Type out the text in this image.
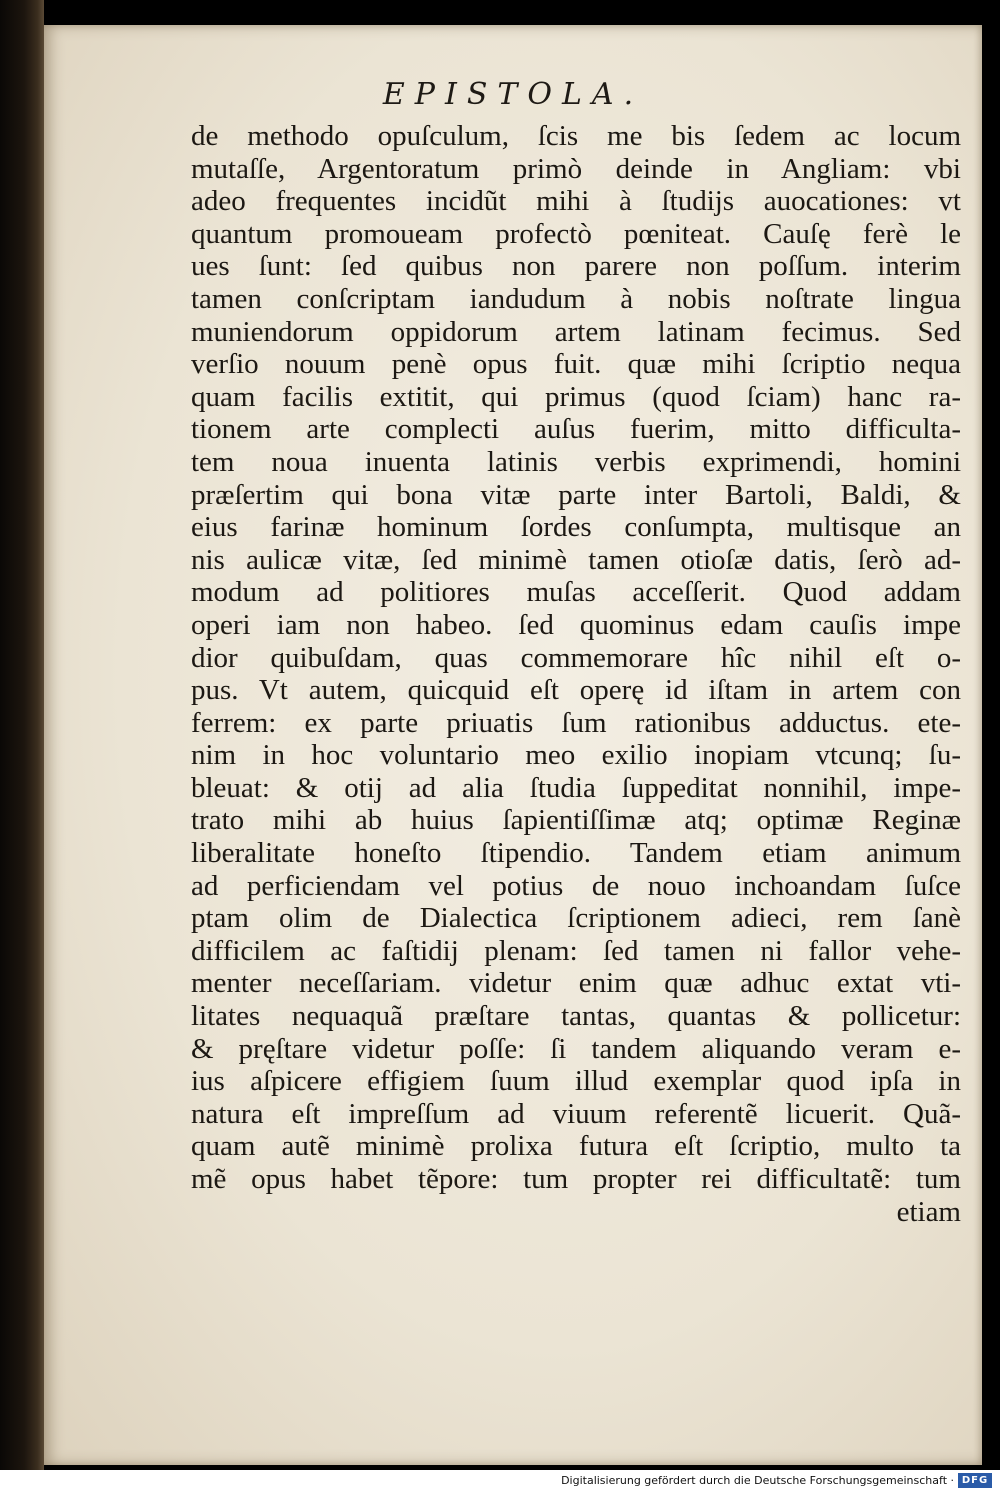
EPISTOLA.
de methodo opuſculum, ſcis me bis ſedem ac locum
mutaſſe, Argentoratum primò deinde in Angliam: vbi
adeo frequentes incidũt mihi à ſtudijs auocationes: vt
quantum promoueam profectò pœniteat. Cauſę ferè le
ues ſunt: ſed quibus non parere non poſſum. interim
tamen conſcriptam iandudum à nobis noſtrate lingua
muniendorum oppidorum artem latinam fecimus. Sed
verſio nouum penè opus fuit. quæ mihi ſcriptio nequa
quam facilis extitit, qui primus (quod ſciam) hanc ra-
tionem arte complecti auſus fuerim, mitto difficulta-
tem noua inuenta latinis verbis exprimendi, homini
præſertim qui bona vitæ parte inter Bartoli, Baldi, &
eius farinæ hominum ſordes conſumpta, multisque an
nis aulicæ vitæ, ſed minimè tamen otioſæ datis, ſerò ad-
modum ad politiores muſas acceſſerit. Quod addam
operi iam non habeo. ſed quominus edam cauſis impe
dior quibuſdam, quas commemorare hîc nihil eſt o-
pus. Vt autem, quicquid eſt operę id iſtam in artem con
ferrem: ex parte priuatis ſum rationibus adductus. ete-
nim in hoc voluntario meo exilio inopiam vtcunq; ſu-
bleuat: & otij ad alia ſtudia ſuppeditat nonnihil, impe-
trato mihi ab huius ſapientiſſimæ atq; optimæ Reginæ
liberalitate honeſto ſtipendio. Tandem etiam animum
ad perficiendam vel potius de nouo inchoandam ſuſce
ptam olim de Dialectica ſcriptionem adieci, rem ſanè
difficilem ac faſtidij plenam: ſed tamen ni fallor vehe-
menter neceſſariam. videtur enim quæ adhuc extat vti-
litates nequaquã præſtare tantas, quantas & pollicetur:
& pręſtare videtur poſſe: ſi tandem aliquando veram e-
ius aſpicere effigiem ſuum illud exemplar quod ipſa in
natura eſt impreſſum ad viuum referentẽ licuerit. Quã-
quam autẽ minimè prolixa futura eſt ſcriptio, multo ta
mẽ opus habet tẽpore: tum propter rei difficultatẽ: tum
etiam
Digitalisierung gefördert durch die Deutsche Forschungsgemeinschaft · DFG
